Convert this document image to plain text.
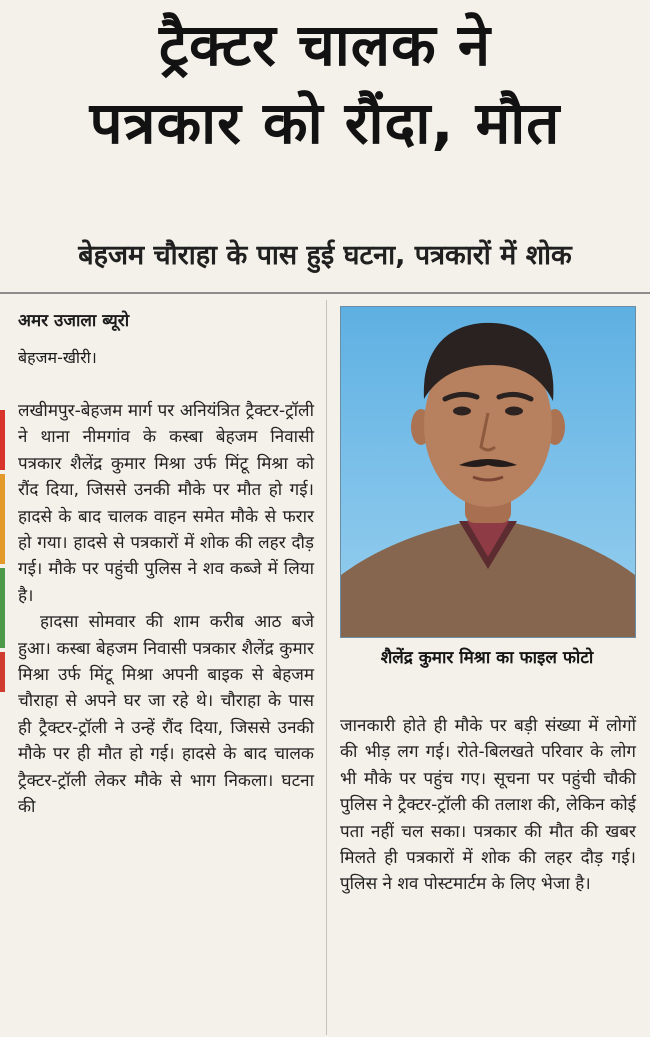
ट्रैक्टर चालक ने
पत्रकार को रौंदा, मौत
बेहजम चौराहा के पास हुई घटना, पत्रकारों में शोक
अमर उजाला ब्यूरो
बेहजम-खीरी।

लखीमपुर-बेहजम मार्ग पर अनियंत्रित ट्रैक्टर-ट्रॉली ने थाना नीमगांव के कस्बा बेहजम निवासी पत्रकार शैलेंद्र कुमार मिश्रा उर्फ मिंटू मिश्रा को रौंद दिया, जिससे उनकी मौके पर मौत हो गई। हादसे के बाद चालक वाहन समेत मौके से फरार हो गया। हादसे से पत्रकारों में शोक की लहर दौड़ गई। मौके पर पहुंची पुलिस ने शव कब्जे में लिया है।

हादसा सोमवार की शाम करीब आठ बजे हुआ। कस्बा बेहजम निवासी पत्रकार शैलेंद्र कुमार मिश्रा उर्फ मिंटू मिश्रा अपनी बाइक से बेहजम चौराहा से अपने घर जा रहे थे। चौराहा के पास ही ट्रैक्टर-ट्रॉली ने उन्हें रौंद दिया, जिससे उनकी मौके पर ही मौत हो गई। हादसे के बाद चालक ट्रैक्टर-ट्रॉली लेकर मौके से भाग निकला। घटना की

शैलेंद्र कुमार मिश्रा का फाइल फोटो

जानकारी होते ही मौके पर बड़ी संख्या में लोगों की भीड़ लग गई। रोते-बिलखते परिवार के लोग भी मौके पर पहुंच गए। सूचना पर पहुंची चौकी पुलिस ने ट्रैक्टर-ट्रॉली की तलाश की, लेकिन कोई पता नहीं चल सका। पत्रकार की मौत की खबर मिलते ही पत्रकारों में शोक की लहर दौड़ गई। पुलिस ने शव पोस्टमार्टम के लिए भेजा है।
